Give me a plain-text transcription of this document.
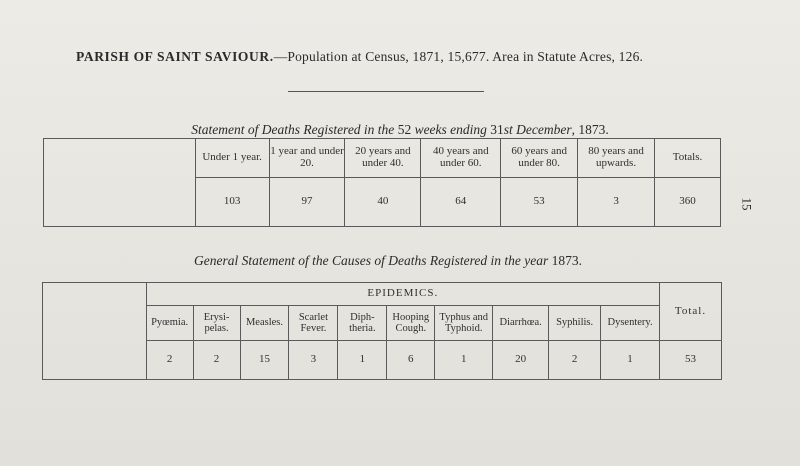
PARISH OF SAINT SAVIOUR.—Population at Census, 1871, 15,677. Area in Statute Acres, 126.
Statement of Deaths Registered in the 52 weeks ending 31st December, 1873.
	Under 1 year.	1 year and under 20.	20 years and under 40.	40 years and under 60.	60 years and under 80.	80 years and upwards.	Totals.
	103	97	40	64	53	3	360
General Statement of the Causes of Deaths Registered in the year 1873.
	EPIDEMICS.										Total.
	Pyœmia.	Erysi-pelas.	Measles.	Scarlet Fever.	Diph-theria.	Hooping Cough.	Typhus and Typhoid.	Diarrhœa.	Syphilis.	Dysentery.	
	2	2	15	3	1	6	1	20	2	1	53
15
